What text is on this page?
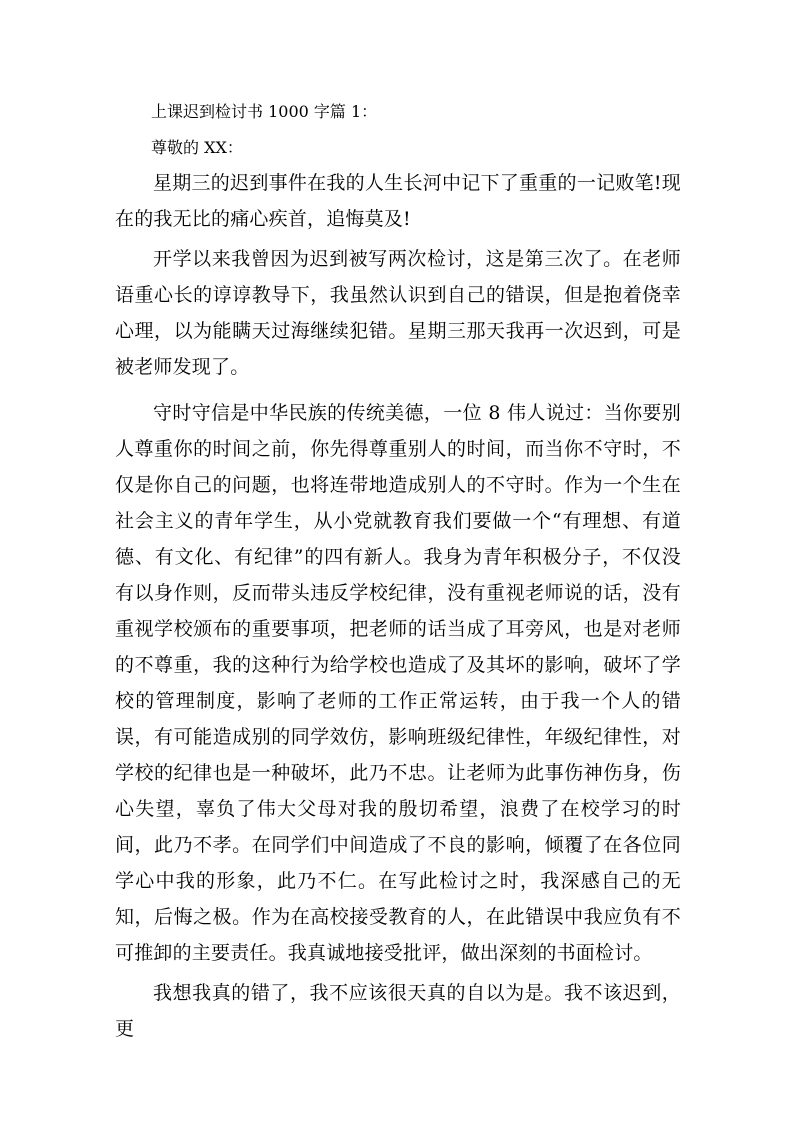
上课迟到检讨书 1000 字篇 1：
尊敬的 XX：

星期三的迟到事件在我的人生长河中记下了重重的一记败笔!现在的我无比的痛心疾首，追悔莫及!

开学以来我曾因为迟到被写两次检讨，这是第三次了。在老师语重心长的谆谆教导下，我虽然认识到自己的错误，但是抱着侥幸心理，以为能瞒天过海继续犯错。星期三那天我再一次迟到，可是被老师发现了。

守时守信是中华民族的传统美德，一位 8 伟人说过：当你要别人尊重你的时间之前，你先得尊重别人的时间，而当你不守时，不仅是你自己的问题，也将连带地造成别人的不守时。作为一个生在社会主义的青年学生，从小党就教育我们要做一个“有理想、有道德、有文化、有纪律”的四有新人。我身为青年积极分子，不仅没有以身作则，反而带头违反学校纪律，没有重视老师说的话，没有重视学校颁布的重要事项，把老师的话当成了耳旁风，也是对老师的不尊重，我的这种行为给学校也造成了及其坏的影响，破坏了学校的管理制度，影响了老师的工作正常运转，由于我一个人的错误，有可能造成别的同学效仿，影响班级纪律性，年级纪律性，对学校的纪律也是一种破坏，此乃不忠。让老师为此事伤神伤身，伤心失望，辜负了伟大父母对我的殷切希望，浪费了在校学习的时间，此乃不孝。在同学们中间造成了不良的影响，倾覆了在各位同学心中我的形象，此乃不仁。在写此检讨之时，我深感自己的无知，后悔之极。作为在高校接受教育的人，在此错误中我应负有不可推卸的主要责任。我真诚地接受批评，做出深刻的书面检讨。

我想我真的错了，我不应该很天真的自以为是。我不该迟到，更
